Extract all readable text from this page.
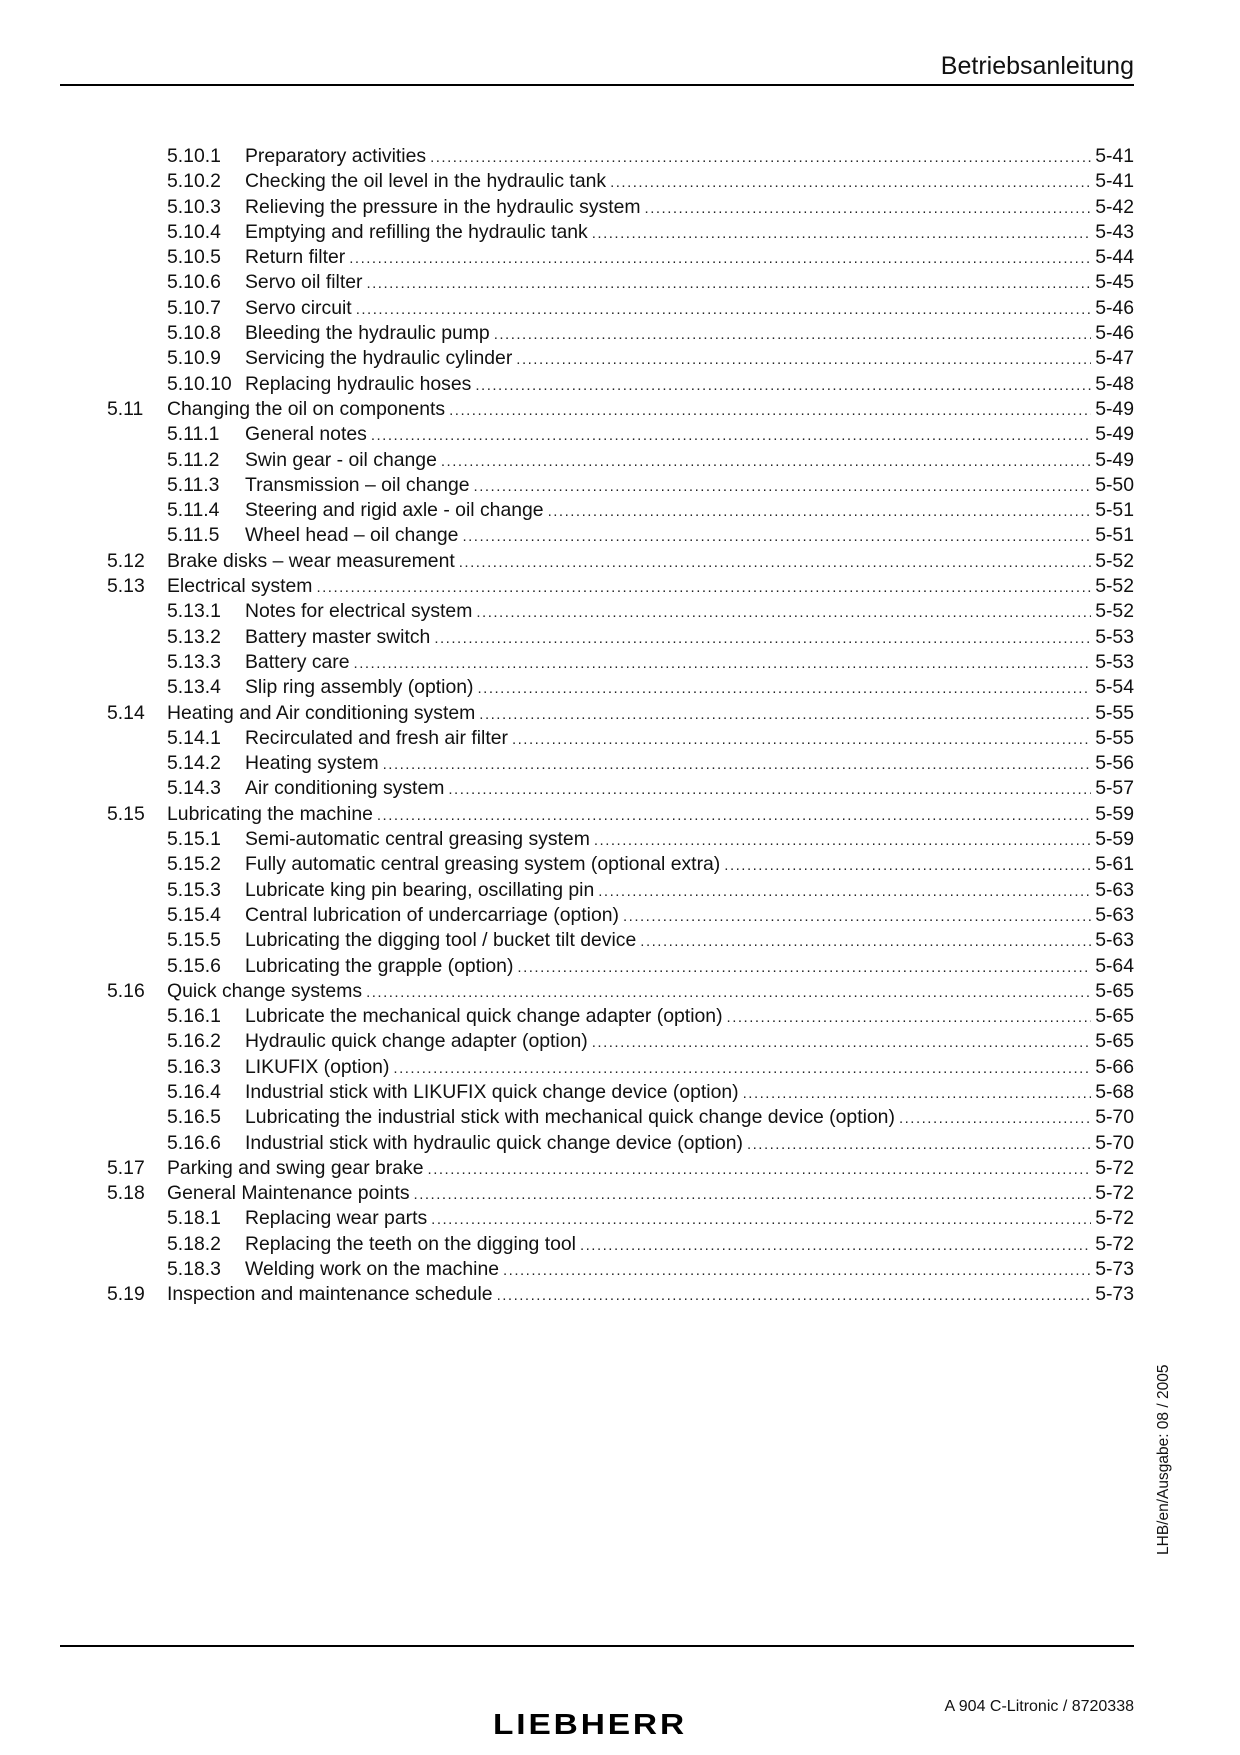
Betriebsanleitung
5.10.1 Preparatory activities .....	5-41
5.10.2 Checking the oil level in the hydraulic tank .....	5-41
5.10.3 Relieving the pressure in the hydraulic system .....	5-42
5.10.4 Emptying and refilling the hydraulic tank .....	5-43
5.10.5 Return filter .....	5-44
5.10.6 Servo oil filter .....	5-45
5.10.7 Servo circuit .....	5-46
5.10.8 Bleeding the hydraulic pump .....	5-46
5.10.9 Servicing the hydraulic cylinder .....	5-47
5.10.10 Replacing hydraulic hoses .....	5-48
5.11 Changing the oil on components .....	5-49
5.11.1 General notes .....	5-49
5.11.2 Swin gear - oil change .....	5-49
5.11.3 Transmission – oil change .....	5-50
5.11.4 Steering and rigid axle - oil change .....	5-51
5.11.5 Wheel head – oil change .....	5-51
5.12 Brake disks – wear measurement .....	5-52
5.13 Electrical system .....	5-52
5.13.1 Notes for electrical system .....	5-52
5.13.2 Battery master switch .....	5-53
5.13.3 Battery care .....	5-53
5.13.4 Slip ring assembly (option) .....	5-54
5.14 Heating and Air conditioning system .....	5-55
5.14.1 Recirculated and fresh air filter .....	5-55
5.14.2 Heating system .....	5-56
5.14.3 Air conditioning system .....	5-57
5.15 Lubricating the machine .....	5-59
5.15.1 Semi-automatic central greasing system .....	5-59
5.15.2 Fully automatic central greasing system (optional extra) .....	5-61
5.15.3 Lubricate king pin bearing, oscillating pin .....	5-63
5.15.4 Central lubrication of undercarriage (option) .....	5-63
5.15.5 Lubricating the digging tool / bucket tilt device .....	5-63
5.15.6 Lubricating the grapple (option) .....	5-64
5.16 Quick change systems .....	5-65
5.16.1 Lubricate the mechanical quick change adapter (option) .....	5-65
5.16.2 Hydraulic quick change adapter (option) .....	5-65
5.16.3 LIKUFIX (option) .....	5-66
5.16.4 Industrial stick with LIKUFIX quick change device (option) .....	5-68
5.16.5 Lubricating the industrial stick with mechanical quick change device (option) .....	5-70
5.16.6 Industrial stick with hydraulic quick change device (option) .....	5-70
5.17 Parking and swing gear brake .....	5-72
5.18 General Maintenance points .....	5-72
5.18.1 Replacing wear parts .....	5-72
5.18.2 Replacing the teeth on the digging tool .....	5-72
5.18.3 Welding work on the machine .....	5-73
5.19 Inspection and maintenance schedule .....	5-73
LHB/en/Ausgabe: 08 / 2005
LIEBHERR
A 904 C-Litronic / 8720338
